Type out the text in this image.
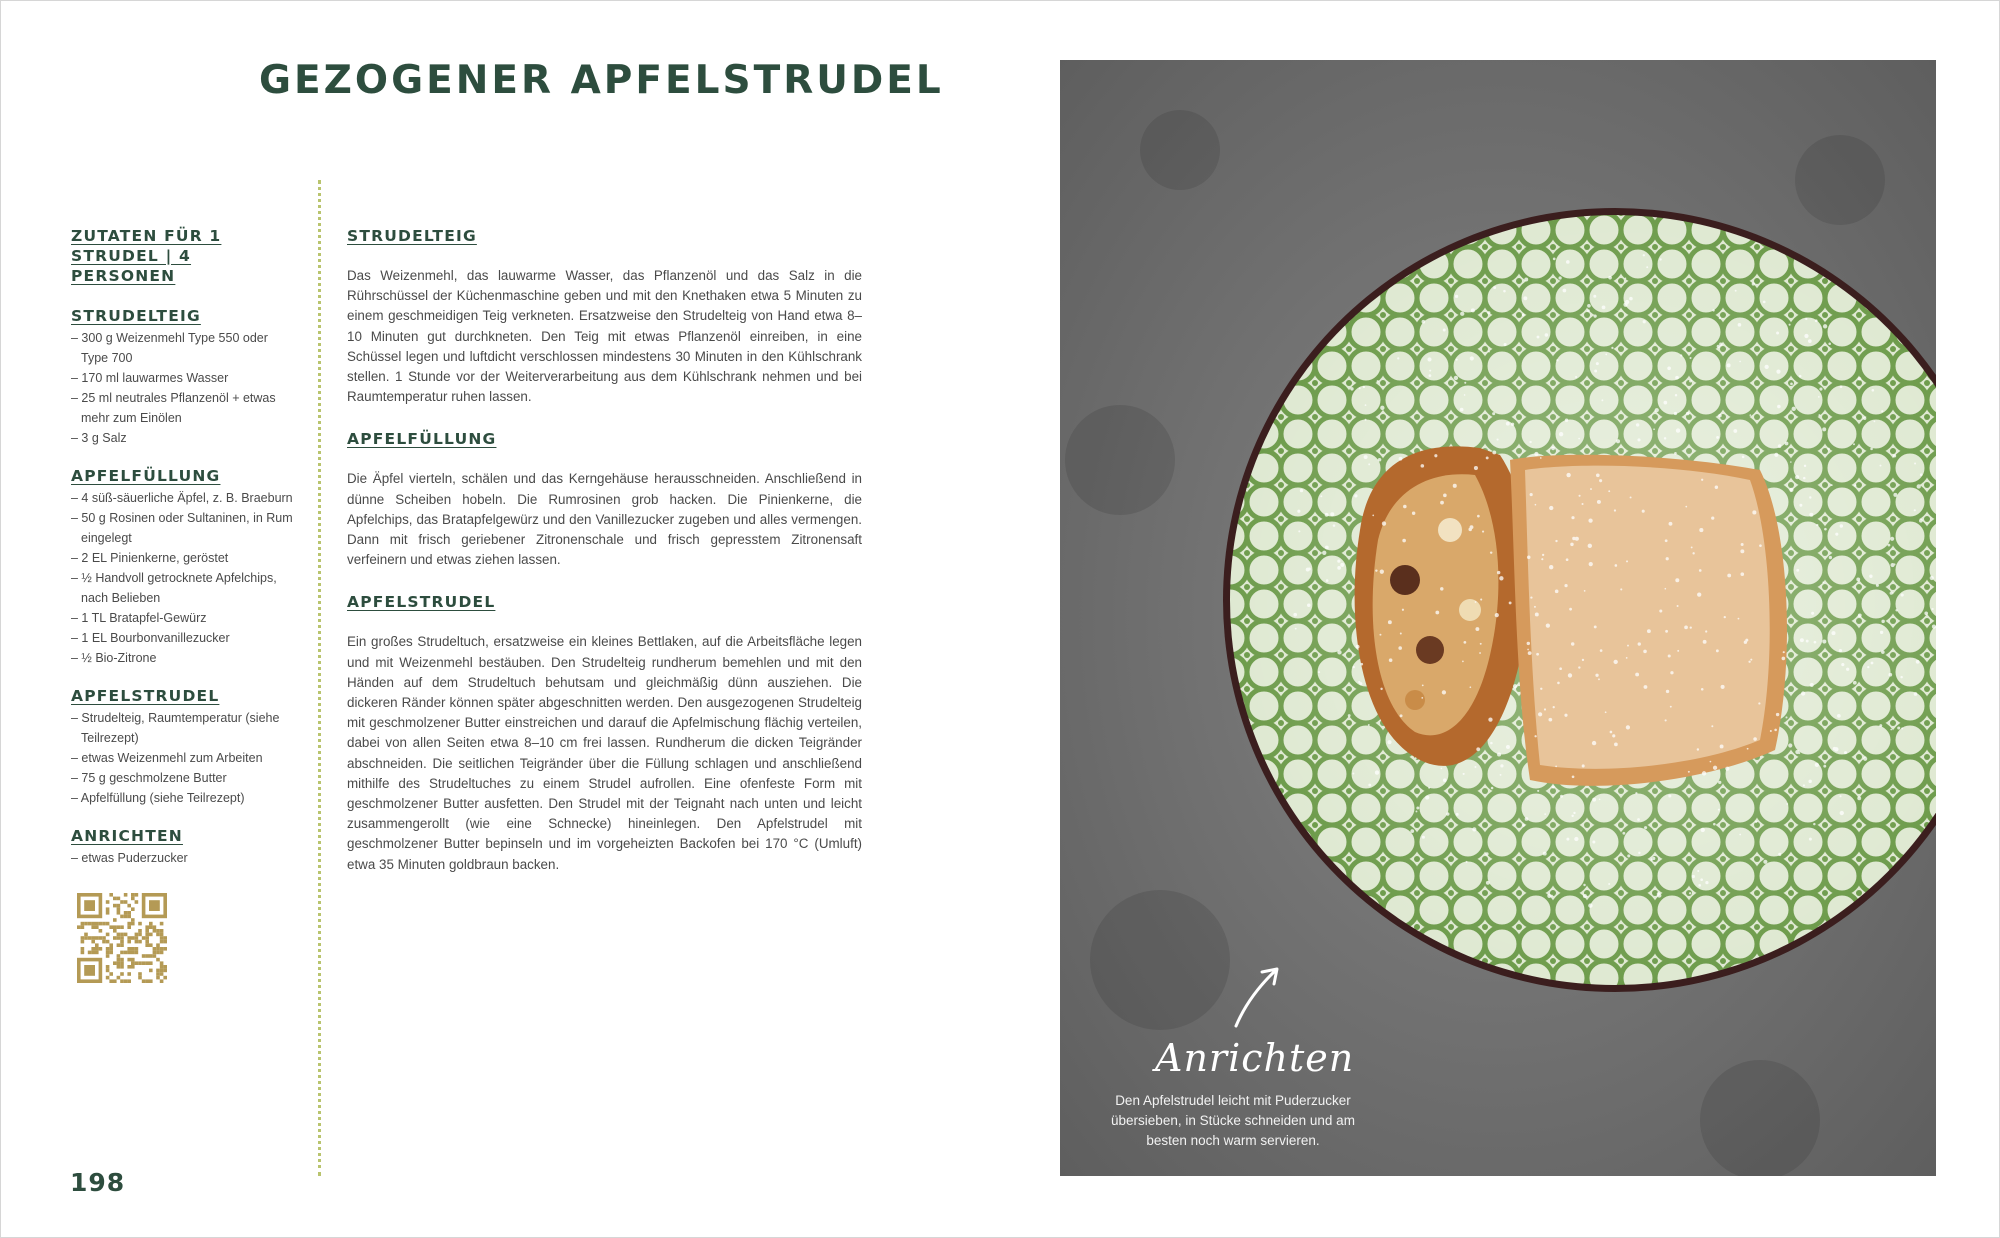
GEZOGENER APFELSTRUDEL
ZUTATEN FÜR 1 STRUDEL | 4 PERSONEN
STRUDELTEIG
– 300 g Weizenmehl Type 550 oder Type 700
– 170 ml lauwarmes Wasser
– 25 ml neutrales Pflanzenöl + etwas mehr zum Einölen
– 3 g Salz
APFELFÜLLUNG
– 4 süß-säuerliche Äpfel, z. B. Braeburn
– 50 g Rosinen oder Sultaninen, in Rum eingelegt
– 2 EL Pinienkerne, geröstet
– ½ Handvoll getrocknete Apfelchips, nach Belieben
– 1 TL Bratapfel-Gewürz
– 1 EL Bourbonvanillezucker
– ½ Bio-Zitrone
APFELSTRUDEL
– Strudelteig, Raumtemperatur (siehe Teilrezept)
– etwas Weizenmehl zum Arbeiten
– 75 g geschmolzene Butter
– Apfelfüllung (siehe Teilrezept)
ANRICHTEN
– etwas Puderzucker
STRUDELTEIG

Das Weizenmehl, das lauwarme Wasser, das Pflanzenöl und das Salz in die Rührschüssel der Küchenmaschine geben und mit den Knethaken etwa 5 Minuten zu einem geschmeidigen Teig verkneten. Ersatzweise den Strudelteig von Hand etwa 8–10 Minuten gut durchkneten. Den Teig mit etwas Pflanzenöl einreiben, in eine Schüssel legen und luftdicht verschlossen mindestens 30 Minuten in den Kühlschrank stellen. 1 Stunde vor der Weiterverarbeitung aus dem Kühlschrank nehmen und bei Raumtemperatur ruhen lassen.

APFELFÜLLUNG

Die Äpfel vierteln, schälen und das Kerngehäuse herausschneiden. Anschließend in dünne Scheiben hobeln. Die Rumrosinen grob hacken. Die Pinienkerne, die Apfelchips, das Bratapfelgewürz und den Vanillezucker zugeben und alles vermengen. Dann mit frisch geriebener Zitronenschale und frisch gepresstem Zitronensaft verfeinern und etwas ziehen lassen.

APFELSTRUDEL

Ein großes Strudeltuch, ersatzweise ein kleines Bettlaken, auf die Arbeitsfläche legen und mit Weizenmehl bestäuben. Den Strudelteig rundherum bemehlen und mit den Händen auf dem Strudeltuch behutsam und gleichmäßig dünn ausziehen. Die dickeren Ränder können später abgeschnitten werden. Den ausgezogenen Strudelteig mit geschmolzener Butter einstreichen und darauf die Apfelmischung flächig verteilen, dabei von allen Seiten etwa 8–10 cm frei lassen. Rundherum die dicken Teigränder abschneiden. Die seitlichen Teigränder über die Füllung schlagen und anschließend mithilfe des Strudeltuches zu einem Strudel aufrollen. Eine ofenfeste Form mit geschmolzener Butter ausfetten. Den Strudel mit der Teignaht nach unten und leicht zusammengerollt (wie eine Schnecke) hineinlegen. Den Apfelstrudel mit geschmolzener Butter bepinseln und im vorgeheizten Backofen bei 170 °C (Umluft) etwa 35 Minuten goldbraun backen.

198
Anrichten
Den Apfelstrudel leicht mit Puderzucker übersieben, in Stücke schneiden und am besten noch warm servieren.
